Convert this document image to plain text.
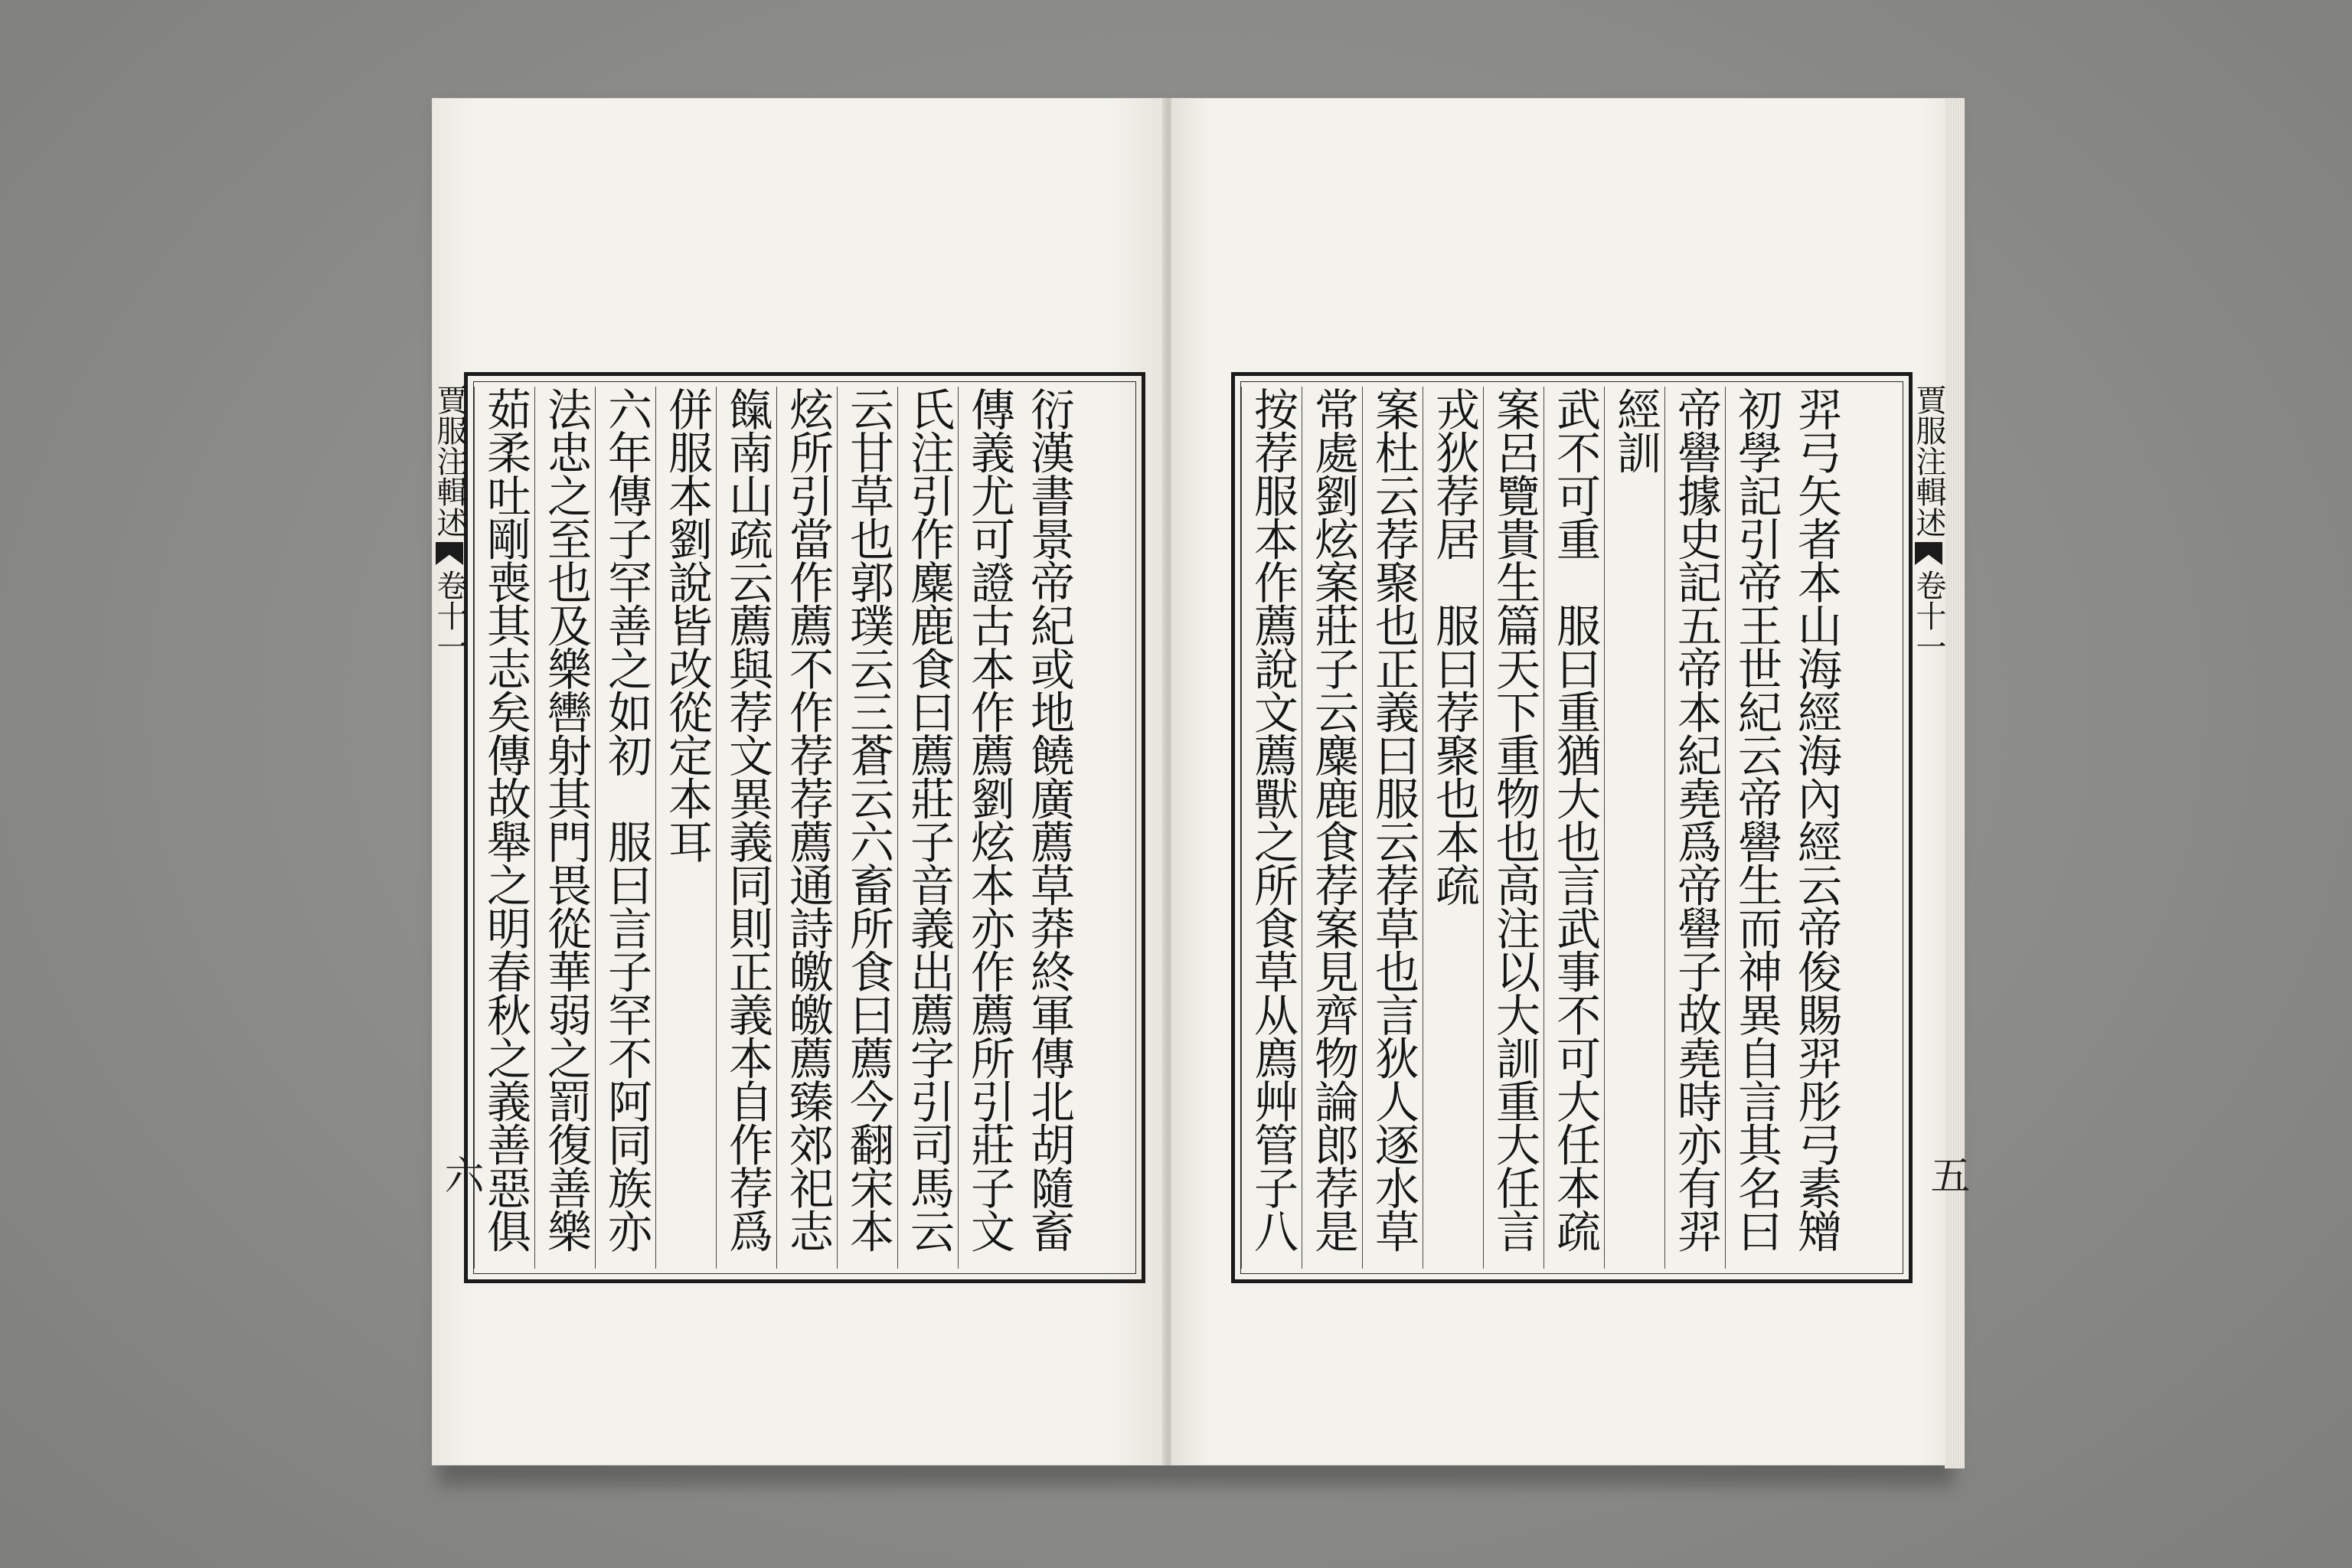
茹柔吐剛喪其志矣傳故舉之明春秋之義善惡俱
法忠之至也及樂轡射其門畏從華弱之罰復善樂
六年傳子罕善之如初　服曰言子罕不阿同族亦
併服本劉說皆改從定本耳 餼南山疏云薦與荐文異義同則正義本自作荐爲
炫所引當作薦不作荐荐薦通詩皦皦薦臻郊祀志
云甘草也郭璞云三蒼云六畜所食曰薦今翻宋本
氏注引作麋鹿食曰薦莊子音義出薦字引司馬云
傳義尤可證古本作薦劉炫本亦作薦所引莊子文
衍漢書景帝紀或地饒廣薦草莽終軍傳北胡隨畜
賈服注輯述卷十一
六
按荐服本作薦說文薦獸之所食草从廌艸管子八
常處劉炫案莊子云麋鹿食荐案見齊物論郎荐是
案杜云荐聚也正義曰服云荐草也言狄人逐水草
戎狄荐居　服曰荐聚也本疏 案呂覽貴生篇天下重物也高注以大訓重大任言 武不可重　服曰重猶大也言武事不可大任本疏 經訓 帝嚳據史記五帝本紀堯爲帝嚳子故堯時亦有羿
初學記引帝王世紀云帝嚳生而神異自言其名曰
羿弓矢者本山海經海內經云帝俊賜羿彤弓素矰
賈服注輯述卷十一
五
